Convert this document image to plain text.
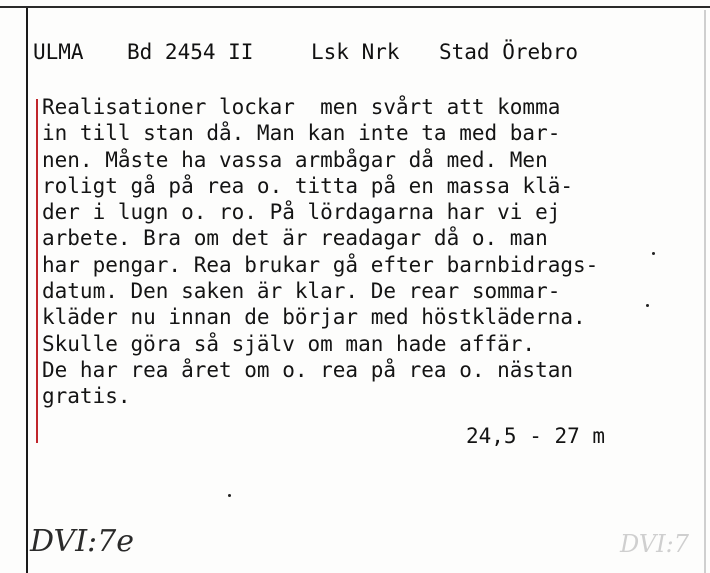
ULMA

Bd 2454 II

	Lsk Nrk

Stad Örebro

Realisationer lockar  men svårt att komma
in till stan då. Man kan inte ta med bar-
nen. Måste ha vassa armbågar då med. Men
roligt gå på rea o. titta på en massa klä-
der i lugn o. ro. På lördagarna har vi ej
arbete. Bra om det är readagar då o. man
har pengar. Rea brukar gå efter barnbidrags-
datum. Den saken är klar. De rear sommar-
kläder nu innan de börjar med höstkläderna.
Skulle göra så själv om man hade affär.
De har rea året om o. rea på rea o. nästan
gratis.
24,5 - 27 m
DVI:7e	DVI:7
